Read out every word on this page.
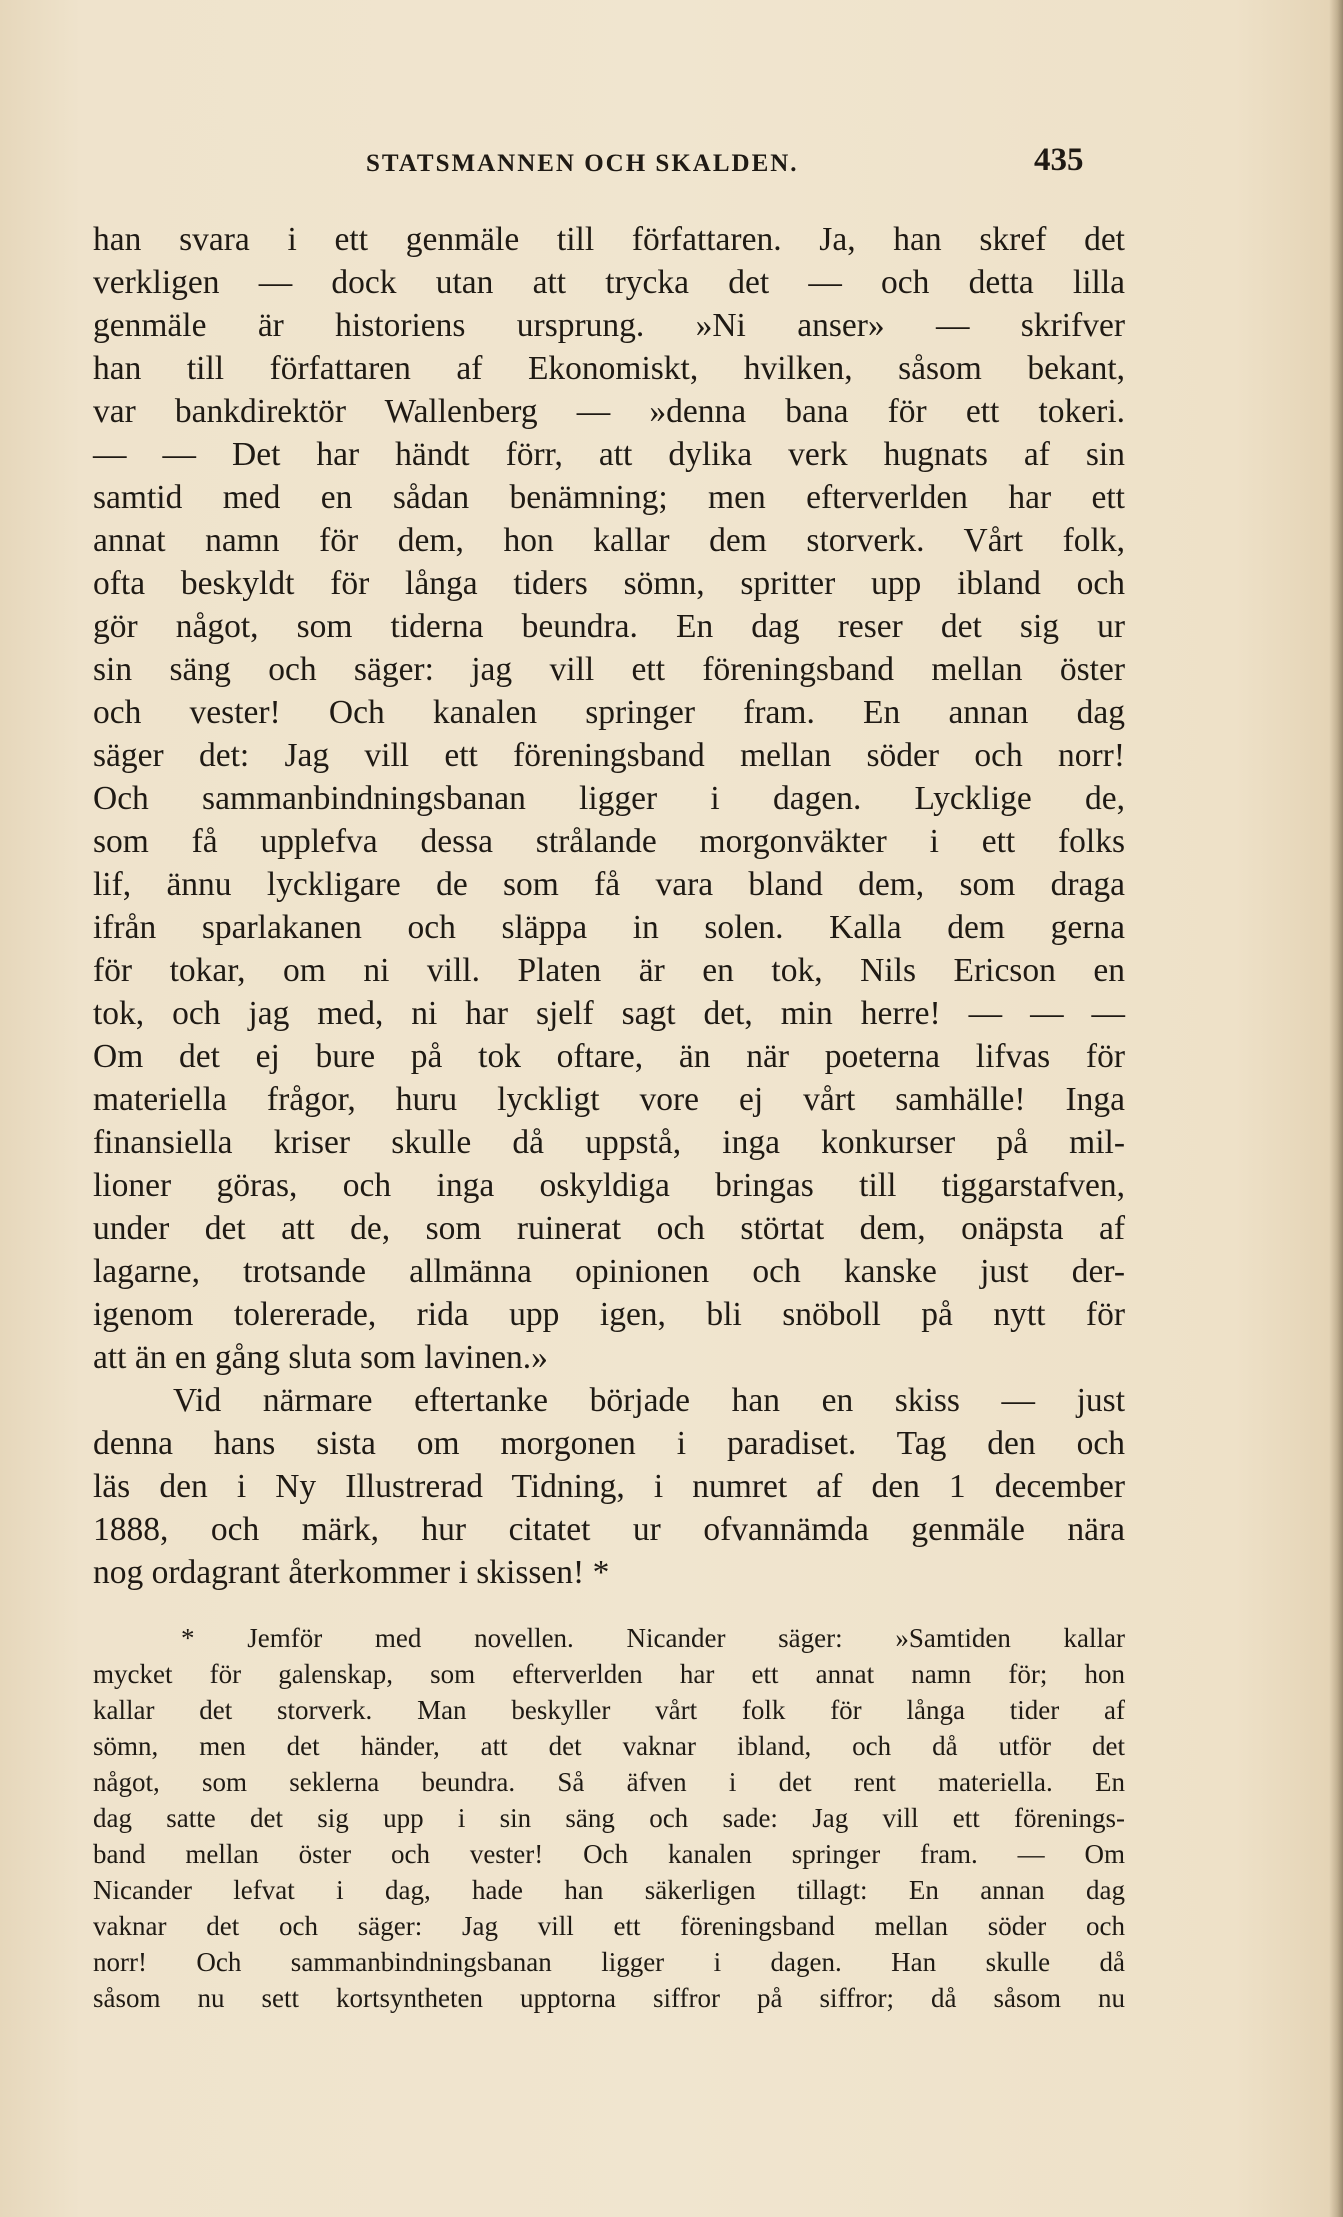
STATSMANNEN OCH SKALDEN.	435
han svara i ett genmäle till författaren. Ja, han skref det
verkligen — dock utan att trycka det — och detta lilla
genmäle är historiens ursprung. »Ni anser» — skrifver
han till författaren af Ekonomiskt, hvilken, såsom bekant,
var bankdirektör Wallenberg — »denna bana för ett tokeri.
— — Det har händt förr, att dylika verk hugnats af sin
samtid med en sådan benämning; men efterverlden har ett
annat namn för dem, hon kallar dem storverk. Vårt folk,
ofta beskyldt för långa tiders sömn, spritter upp ibland och
gör något, som tiderna beundra. En dag reser det sig ur
sin säng och säger: jag vill ett föreningsband mellan öster
och vester! Och kanalen springer fram. En annan dag
säger det: Jag vill ett föreningsband mellan söder och norr!
Och sammanbindningsbanan ligger i dagen. Lycklige de,
som få upplefva dessa strålande morgonväkter i ett folks
lif, ännu lyckligare de som få vara bland dem, som draga
ifrån sparlakanen och släppa in solen. Kalla dem gerna
för tokar, om ni vill. Platen är en tok, Nils Ericson en
tok, och jag med, ni har sjelf sagt det, min herre! — — —
Om det ej bure på tok oftare, än när poeterna lifvas för
materiella frågor, huru lyckligt vore ej vårt samhälle! Inga
finansiella kriser skulle då uppstå, inga konkurser på mil-
lioner göras, och inga oskyldiga bringas till tiggarstafven,
under det att de, som ruinerat och störtat dem, onäpsta af
lagarne, trotsande allmänna opinionen och kanske just der-
igenom tolererade, rida upp igen, bli snöboll på nytt för
att än en gång sluta som lavinen.»
Vid närmare eftertanke började han en skiss — just
denna hans sista om morgonen i paradiset. Tag den och
läs den i Ny Illustrerad Tidning, i numret af den 1 december
1888, och märk, hur citatet ur ofvannämda genmäle nära
nog ordagrant återkommer i skissen! *
* Jemför med novellen. Nicander säger: »Samtiden kallar
mycket för galenskap, som efterverlden har ett annat namn för; hon
kallar det storverk. Man beskyller vårt folk för långa tider af
sömn, men det händer, att det vaknar ibland, och då utför det
något, som seklerna beundra. Så äfven i det rent materiella. En
dag satte det sig upp i sin säng och sade: Jag vill ett förenings-
band mellan öster och vester! Och kanalen springer fram. — Om
Nicander lefvat i dag, hade han säkerligen tillagt: En annan dag
vaknar det och säger: Jag vill ett föreningsband mellan söder och
norr! Och sammanbindningsbanan ligger i dagen. Han skulle då
såsom nu sett kortsyntheten upptorna siffror på siffror; då såsom nu
